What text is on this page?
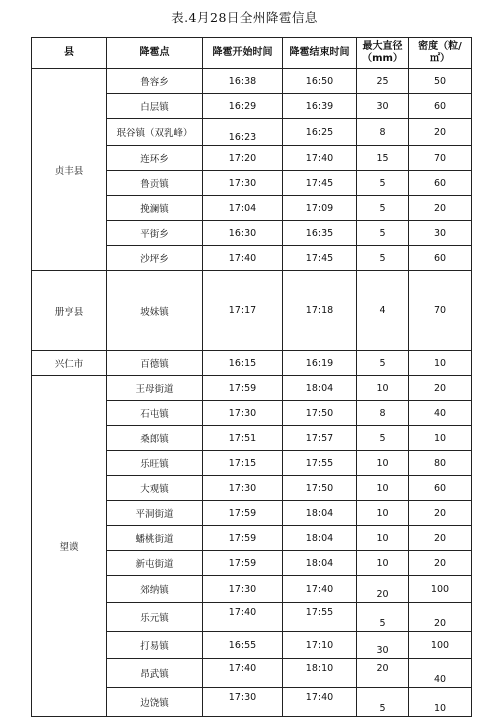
表.4月28日全州降雹信息
县	降雹点	降雹开始时间	降雹结束时间	最大直径（mm）	密度（粒/㎡）
贞丰县	鲁容乡	16:38	16:50	25	50
	白层镇	16:29	16:39	30	60
	珉谷镇（双乳峰）	16:23	16:25	8	20
	连环乡	17:20	17:40	15	70
	鲁贡镇	17:30	17:45	5	60
	挽澜镇	17:04	17:09	5	20
	平街乡	16:30	16:35	5	30
	沙坪乡	17:40	17:45	5	60
册亨县	坡妹镇	17:17	17:18	4	70
兴仁市	百德镇	16:15	16:19	5	10
望谟	王母街道	17:59	18:04	10	20
	石屯镇	17:30	17:50	8	40
	桑郎镇	17:51	17:57	5	10
	乐旺镇	17:15	17:55	10	80
	大观镇	17:30	17:50	10	60
	平洞街道	17:59	18:04	10	20
	蟠桃街道	17:59	18:04	10	20
	新屯街道	17:59	18:04	10	20
	郊纳镇	17:30	17:40	20	100
	乐元镇	17:40	17:55	5	20
	打易镇	16:55	17:10	30	100
	昂武镇	17:40	18:10	20	40
	边饶镇	17:30	17:40	5	10
